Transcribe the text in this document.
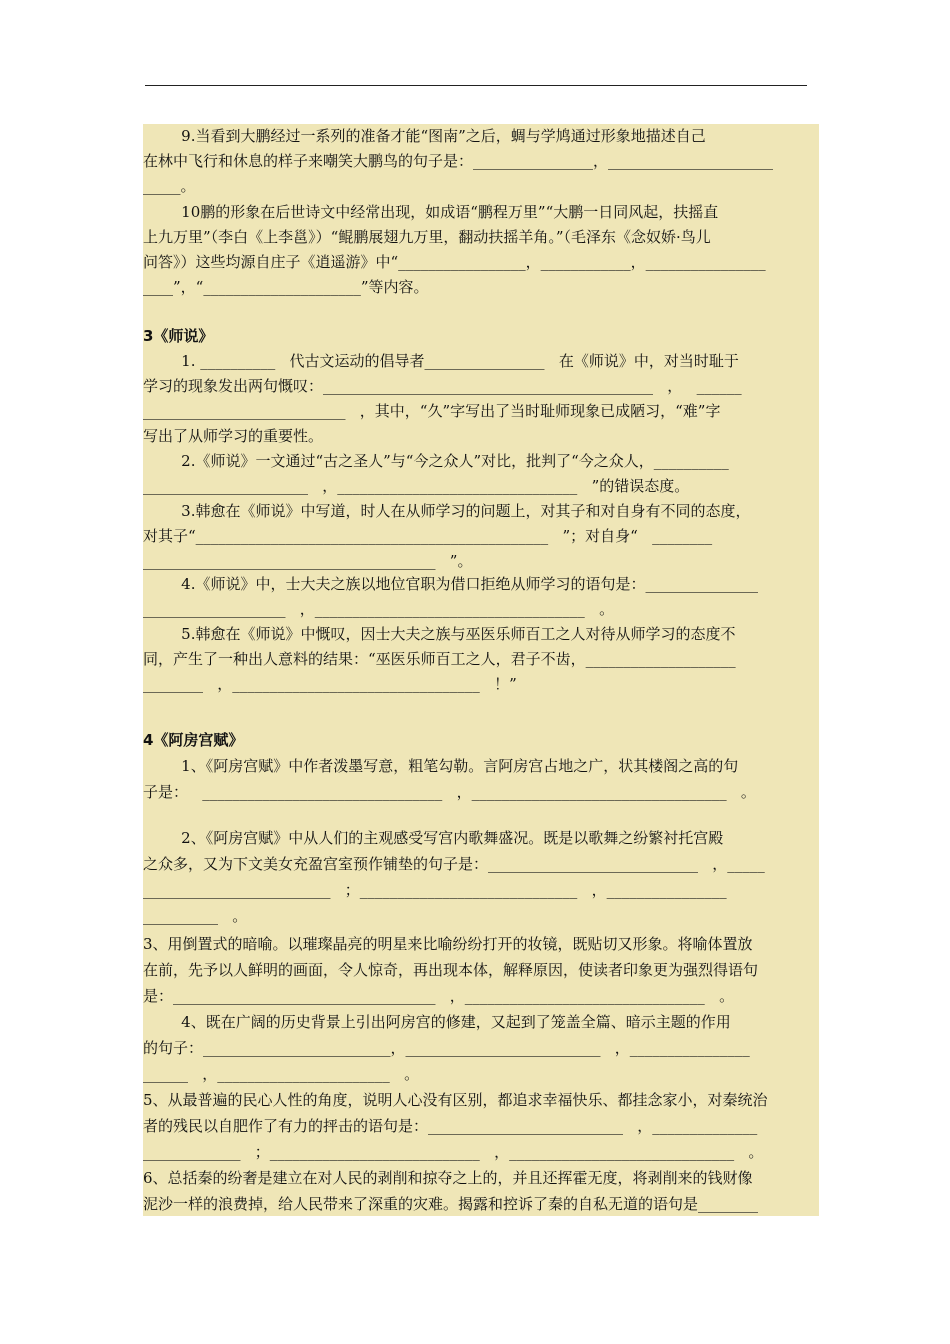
9.当看到大鹏经过一系列的准备才能“图南”之后，蜩与学鸠通过形象地描述自己
在林中飞行和休息的样子来嘲笑大鹏鸟的句子是：________________，______________________
_____。
10鹏的形象在后世诗文中经常出现，如成语“鹏程万里”“大鹏一日同风起，扶摇直
上九万里”（李白《上李邕》）“鲲鹏展翅九万里，翻动扶摇羊角。”（毛泽东《念奴娇·鸟儿
问答》）这些均源自庄子《逍遥游》中“_________________，____________，________________
____”，“_____________________”等内容。
3《师说》
1. __________   代古文运动的倡导者________________   在《师说》中，对当时耻于
学习的现象发出两句慨叹：____________________________________________   ，   ______
___________________________   ，其中，“久”字写出了当时耻师现象已成陋习，“难”字
写出了从师学习的重要性。
2.《师说》一文通过“古之圣人”与“今之众人”对比，批判了“今之众人，__________
______________________   ，________________________________   ”的错误态度。
3.韩愈在《师说》中写道，时人在从师学习的问题上，对其子和对自身有不同的态度，
对其子“_______________________________________________   ”；对自身“   ________
_______________________________________   ”。
4.《师说》中，士大夫之族以地位官职为借口拒绝从师学习的语句是：_______________
___________________   ，____________________________________   。
5.韩愈在《师说》中慨叹，因士大夫之族与巫医乐师百工之人对待从师学习的态度不
同，产生了一种出人意料的结果：“巫医乐师百工之人，君子不齿，____________________
________   ，_________________________________   ！”
4《阿房宫赋》
1、《阿房宫赋》中作者泼墨写意，粗笔勾勒。言阿房宫占地之广，状其楼阁之高的句
子是：   ________________________________   ，__________________________________   。
2、《阿房宫赋》中从人们的主观感受写宫内歌舞盛况。既是以歌舞之纷繁衬托宫殿
之众多，又为下文美女充盈宫室预作铺垫的句子是：____________________________   ，_____
_________________________   ；_____________________________   ，________________
__________   。
3、用倒置式的暗喻。以璀璨晶亮的明星来比喻纷纷打开的妆镜，既贴切又形象。将喻体置放
在前，先予以人鲜明的画面，令人惊奇，再出现本体，解释原因，使读者印象更为强烈得语句
是：___________________________________   ，________________________________   。
4、既在广阔的历史背景上引出阿房宫的修建，又起到了笼盖全篇、暗示主题的作用
的句子：_________________________，__________________________   ，________________
______   ，_______________________   。
5、从最普遍的民心人性的角度，说明人心没有区别，都追求幸福快乐、都挂念家小，对秦统治
者的残民以自肥作了有力的抨击的语句是：__________________________   ，______________
_____________   ；____________________________   ，______________________________   。
6、总括秦的纷奢是建立在对人民的剥削和掠夺之上的，并且还挥霍无度，将剥削来的钱财像
泥沙一样的浪费掉，给人民带来了深重的灾难。揭露和控诉了秦的自私无道的语句是________
